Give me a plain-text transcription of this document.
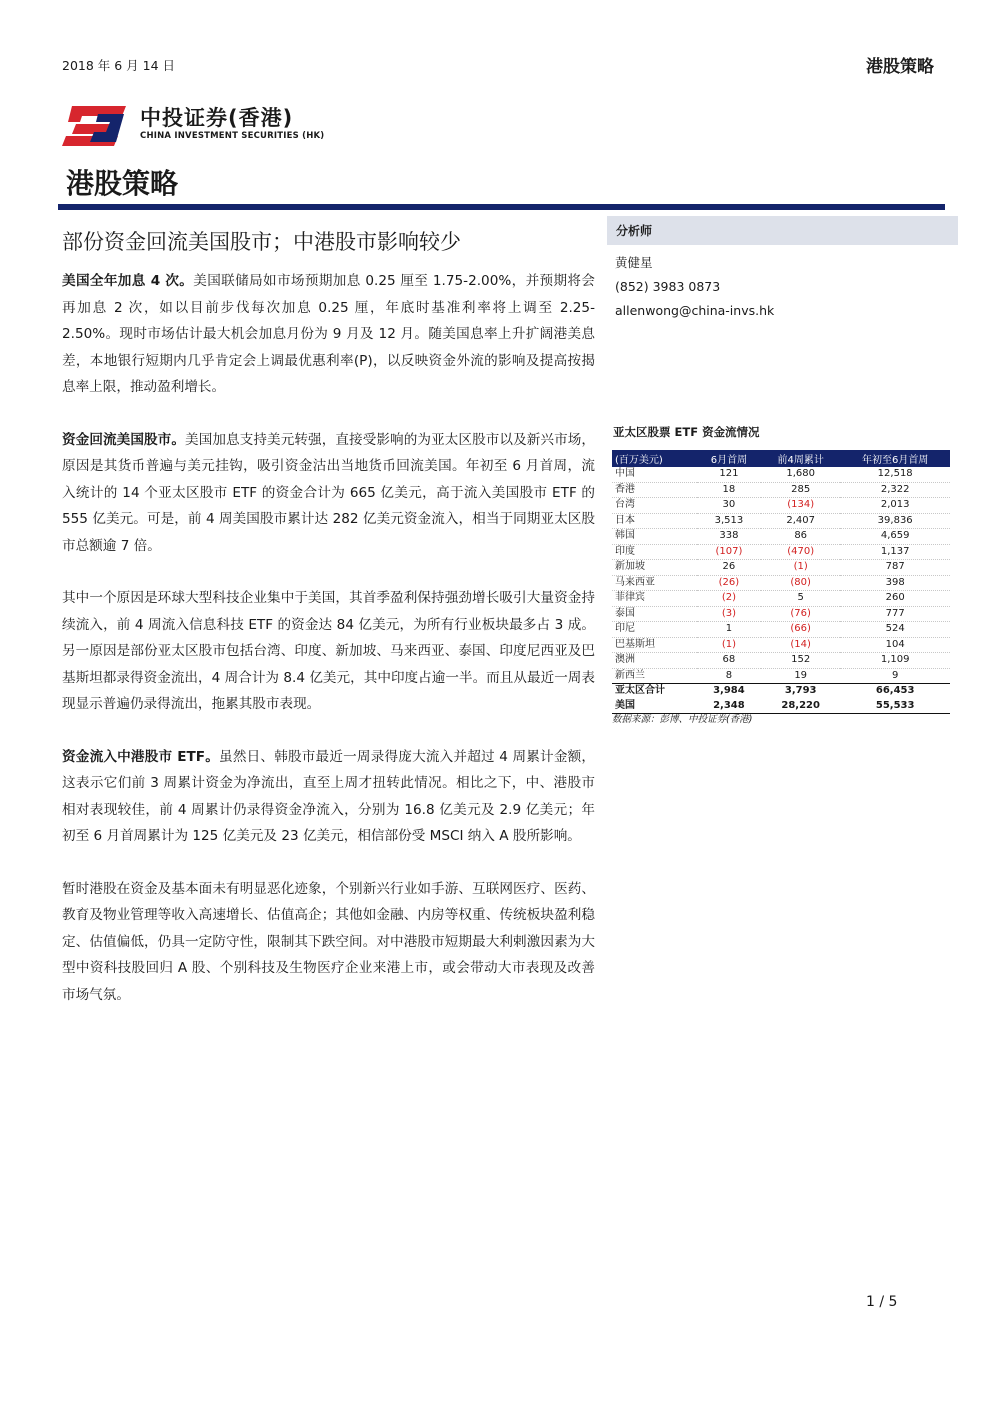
2018 年 6 月 14 日	港股策略
中投证券(香港)
CHINA INVESTMENT SECURITIES (HK)
港股策略
部份资金回流美国股市；中港股市影响较少

美国全年加息 4 次。美国联储局如市场预期加息 0.25 厘至 1.75-2.00%，并预期将会再加息 2 次，如以目前步伐每次加息 0.25 厘，年底时基准利率将上调至 2.25-2.50%。现时市场估计最大机会加息月份为 9 月及 12 月。随美国息率上升扩阔港美息差，本地银行短期内几乎肯定会上调最优惠利率(P)，以反映资金外流的影响及提高按揭息率上限，推动盈利增长。

资金回流美国股市。美国加息支持美元转强，直接受影响的为亚太区股市以及新兴市场，原因是其货币普遍与美元挂钩，吸引资金沽出当地货币回流美国。年初至 6 月首周，流入统计的 14 个亚太区股市 ETF 的资金合计为 665 亿美元，高于流入美国股市 ETF 的 555 亿美元。可是，前 4 周美国股市累计达 282 亿美元资金流入，相当于同期亚太区股市总额逾 7 倍。

其中一个原因是环球大型科技企业集中于美国，其首季盈利保持强劲增长吸引大量资金持续流入，前 4 周流入信息科技 ETF 的资金达 84 亿美元，为所有行业板块最多占 3 成。另一原因是部份亚太区股市包括台湾、印度、新加坡、马来西亚、泰国、印度尼西亚及巴基斯坦都录得资金流出，4 周合计为 8.4 亿美元，其中印度占逾一半。而且从最近一周表现显示普遍仍录得流出，拖累其股市表现。

资金流入中港股市 ETF。虽然日、韩股市最近一周录得庞大流入并超过 4 周累计金额，这表示它们前 3 周累计资金为净流出，直至上周才扭转此情况。相比之下，中、港股市相对表现较佳，前 4 周累计仍录得资金净流入，分别为 16.8 亿美元及 2.9 亿美元；年初至 6 月首周累计为 125 亿美元及 23 亿美元，相信部份受 MSCI 纳入 A 股所影响。

暂时港股在资金及基本面未有明显恶化迹象，个别新兴行业如手游、互联网医疗、医药、教育及物业管理等收入高速增长、估值高企；其他如金融、内房等权重、传统板块盈利稳定、估值偏低，仍具一定防守性，限制其下跌空间。对中港股市短期最大利剌激因素为大型中资科技股回归 A 股、个别科技及生物医疗企业来港上市，或会带动大市表现及改善市场气氛。

分析师
黄健星
(852) 3983 0873
allenwong@china-invs.hk
亚太区股票 ETF 资金流情况
(百万美元)	6月首周	前4周累计	年初至6月首周
中国	121	1,680	12,518
香港	18	285	2,322
台湾	30	(134)	2,013
日本	3,513	2,407	39,836
韩国	338	86	4,659
印度	(107)	(470)	1,137
新加坡	26	(1)	787
马来西亚	(26)	(80)	398
菲律宾	(2)	5	260
泰国	(3)	(76)	777
印尼	1	(66)	524
巴基斯坦	(1)	(14)	104
澳洲	68	152	1,109
新西兰	8	19	9
亚太区合计	3,984	3,793	66,453
美国	2,348	28,220	55,533
数据来源：彭博、中投证券(香港)
1 / 5
